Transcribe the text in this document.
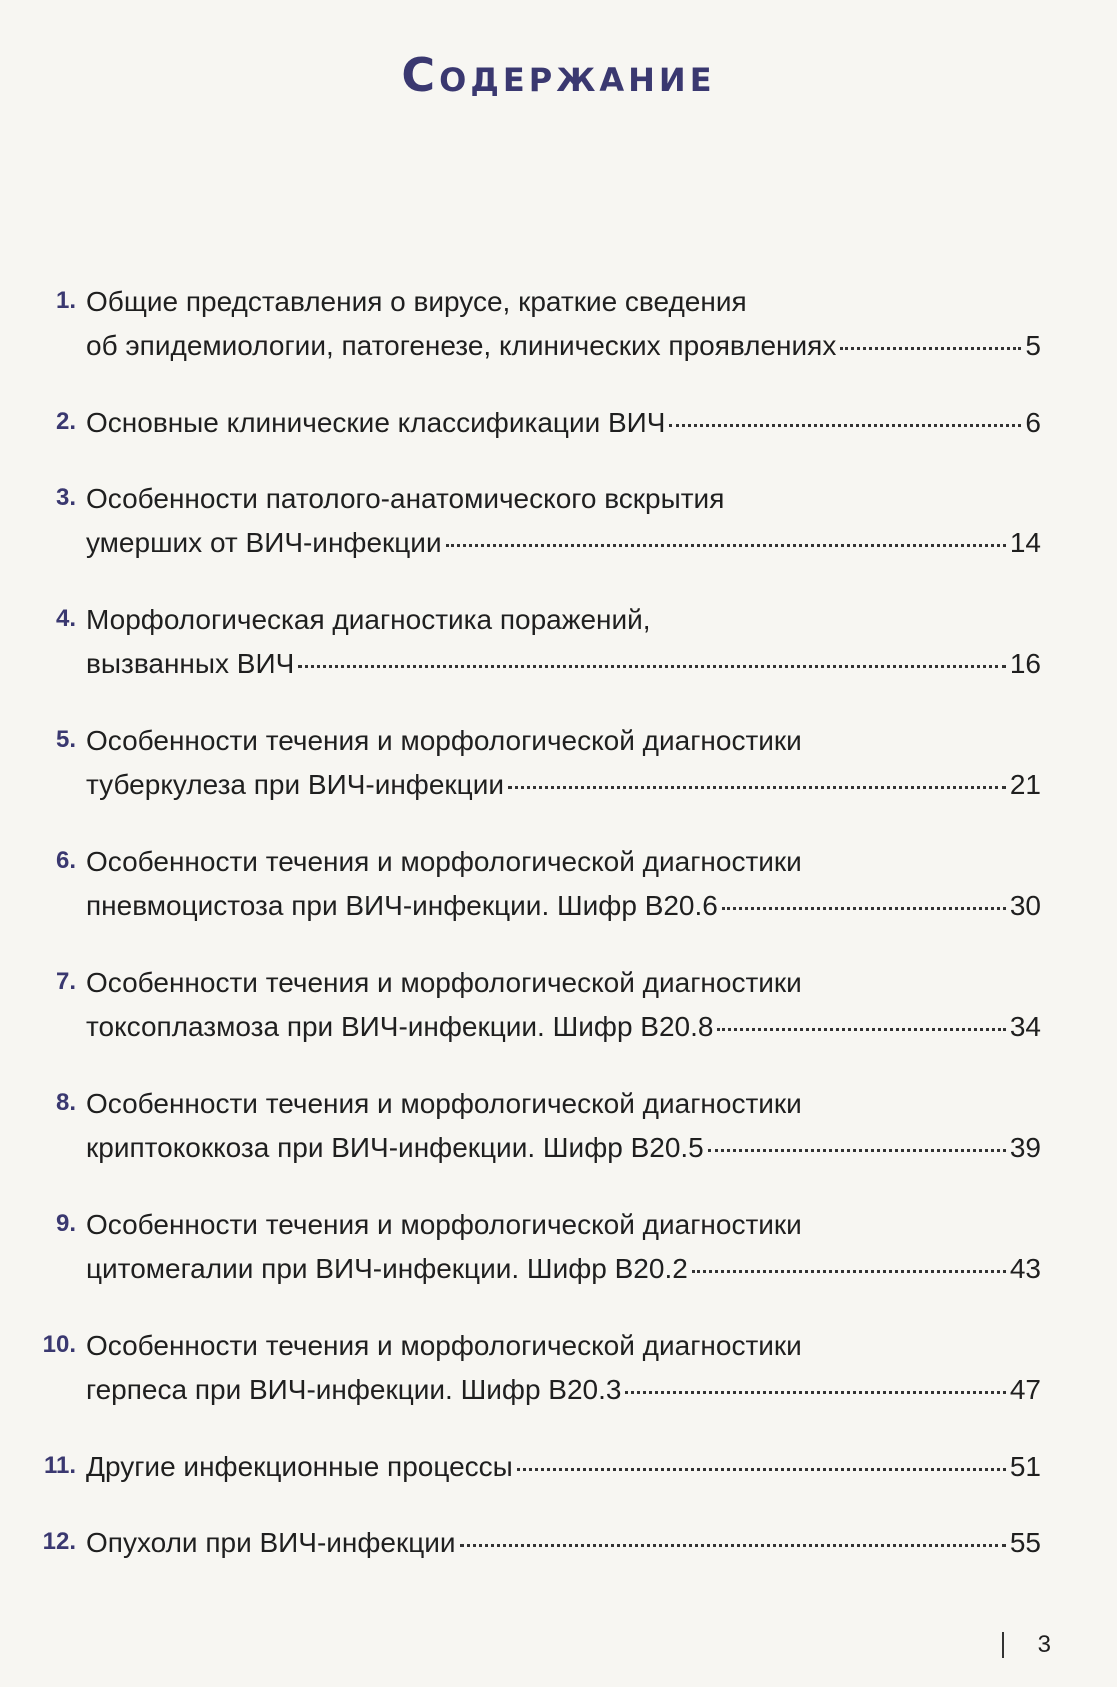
Содержание
1. Общие представления о вирусе, краткие сведения
об эпидемиологии, патогенезе, клинических проявлениях	5
2. Основные клинические классификации ВИЧ	6
3. Особенности патолого-анатомического вскрытия
умерших от ВИЧ-инфекции	14
4. Морфологическая диагностика поражений,
вызванных ВИЧ	16
5. Особенности течения и морфологической диагностики
туберкулеза при ВИЧ-инфекции	21
6. Особенности течения и морфологической диагностики
пневмоцистоза при ВИЧ-инфекции. Шифр В20.6	30
7. Особенности течения и морфологической диагностики
токсоплазмоза при ВИЧ-инфекции. Шифр В20.8	34
8. Особенности течения и морфологической диагностики
криптококкоза при ВИЧ-инфекции. Шифр В20.5	39
9. Особенности течения и морфологической диагностики
цитомегалии при ВИЧ-инфекции. Шифр В20.2	43
10. Особенности течения и морфологической диагностики
герпеса при ВИЧ-инфекции. Шифр В20.3	47
11. Другие инфекционные процессы	51
12. Опухоли при ВИЧ-инфекции	55
3
